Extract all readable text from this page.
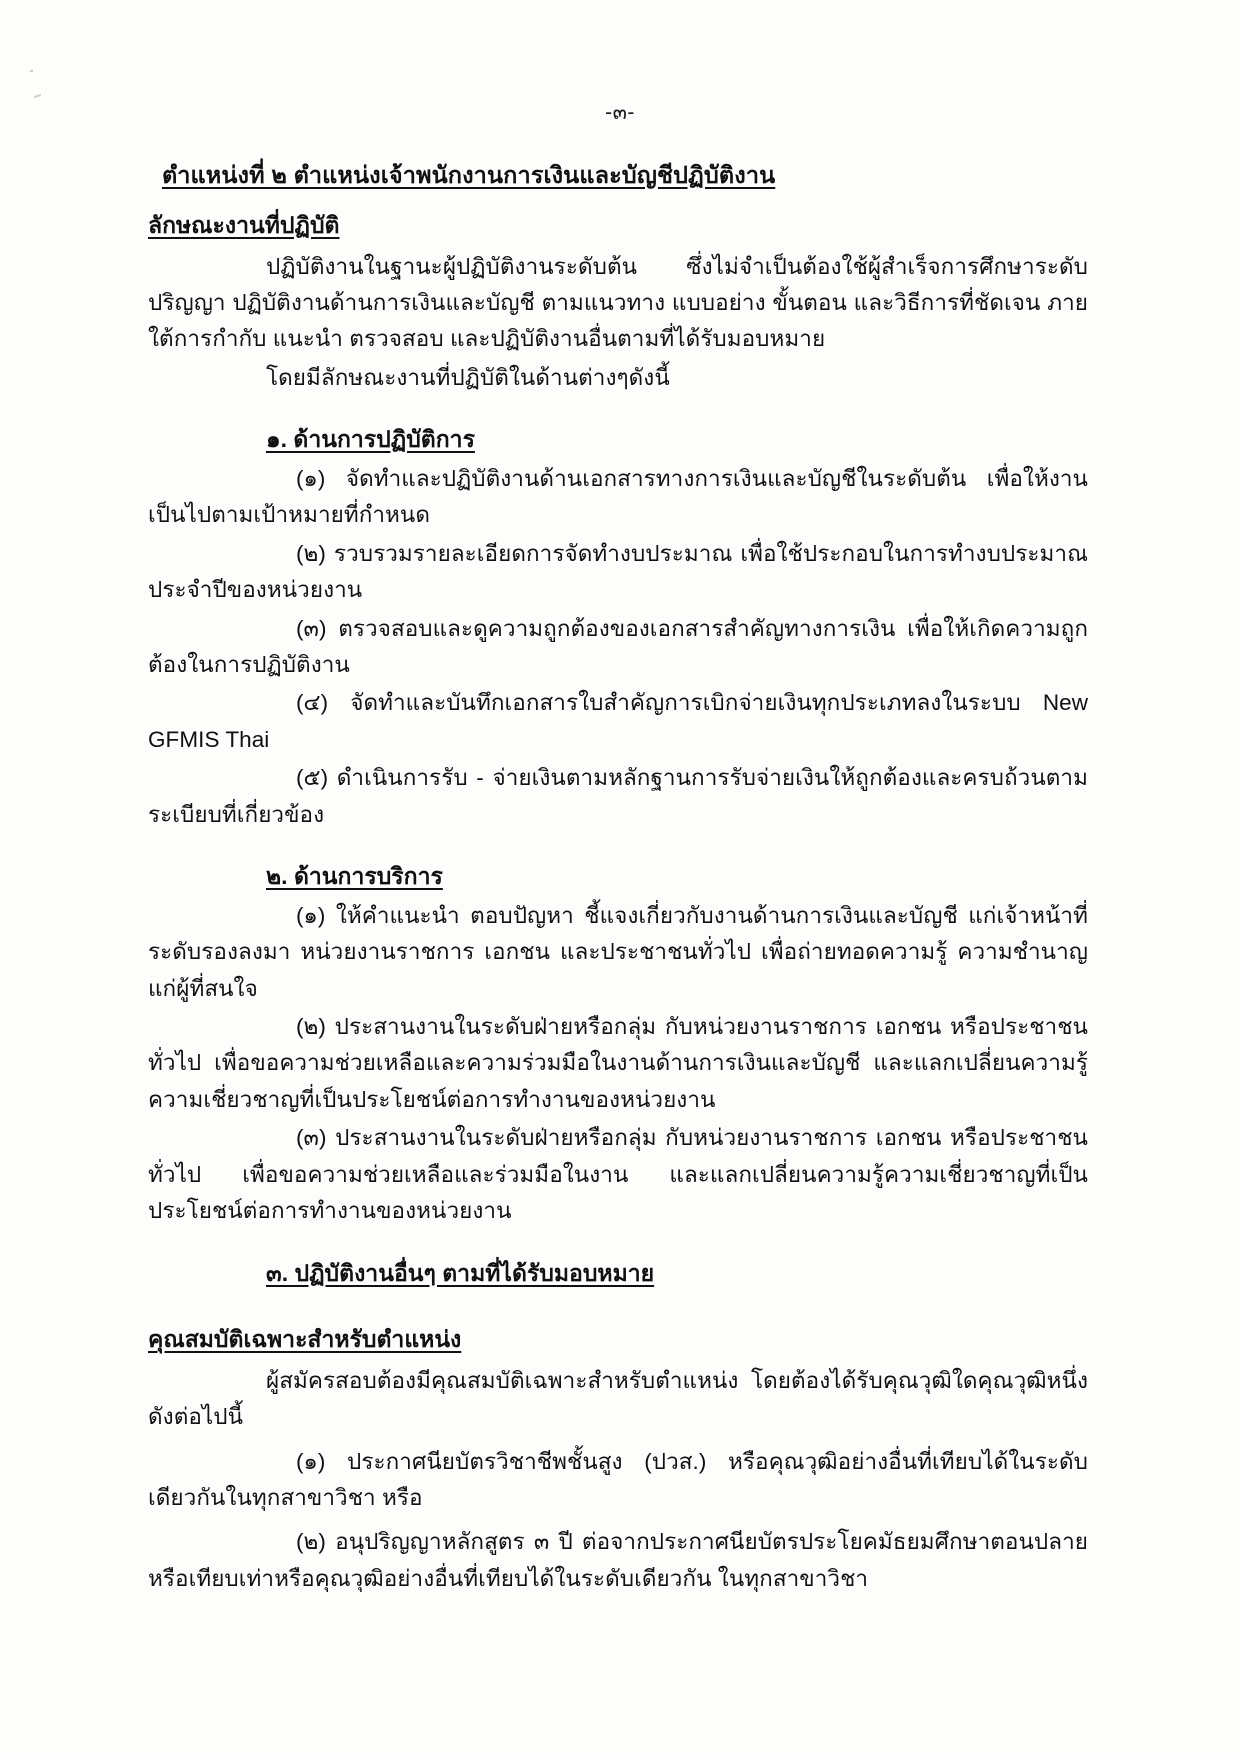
-๓-
ตำแหน่งที่ ๒ ตำแหน่งเจ้าพนักงานการเงินและบัญชีปฏิบัติงาน
ลักษณะงานที่ปฏิบัติ

ปฏิบัติงานในฐานะผู้ปฏิบัติงานระดับต้น ซึ่งไม่จำเป็นต้องใช้ผู้สำเร็จการศึกษาระดับปริญญา ปฏิบัติงานด้านการเงินและบัญชี ตามแนวทาง แบบอย่าง ขั้นตอน และวิธีการที่ชัดเจน ภายใต้การกำกับ แนะนำ ตรวจสอบ และปฏิบัติงานอื่นตามที่ได้รับมอบหมาย

โดยมีลักษณะงานที่ปฏิบัติในด้านต่างๆดังนี้

๑. ด้านการปฏิบัติการ

(๑) จัดทำและปฏิบัติงานด้านเอกสารทางการเงินและบัญชีในระดับต้น เพื่อให้งานเป็นไปตามเป้าหมายที่กำหนด

(๒) รวบรวมรายละเอียดการจัดทำงบประมาณ เพื่อใช้ประกอบในการทำงบประมาณประจำปีของหน่วยงาน

(๓) ตรวจสอบและดูความถูกต้องของเอกสารสำคัญทางการเงิน เพื่อให้เกิดความถูกต้องในการปฏิบัติงาน

(๔) จัดทำและบันทึกเอกสารใบสำคัญการเบิกจ่ายเงินทุกประเภทลงในระบบ New GFMIS Thai

(๕) ดำเนินการรับ - จ่ายเงินตามหลักฐานการรับจ่ายเงินให้ถูกต้องและครบถ้วนตามระเบียบที่เกี่ยวข้อง

๒. ด้านการบริการ

(๑) ให้คำแนะนำ ตอบปัญหา ชี้แจงเกี่ยวกับงานด้านการเงินและบัญชี แก่เจ้าหน้าที่ระดับรองลงมา หน่วยงานราชการ เอกชน และประชาชนทั่วไป เพื่อถ่ายทอดความรู้ ความชำนาญแก่ผู้ที่สนใจ

(๒) ประสานงานในระดับฝ่ายหรือกลุ่ม กับหน่วยงานราชการ เอกชน หรือประชาชนทั่วไป เพื่อขอความช่วยเหลือและความร่วมมือในงานด้านการเงินและบัญชี และแลกเปลี่ยนความรู้ความเชี่ยวชาญที่เป็นประโยชน์ต่อการทำงานของหน่วยงาน

(๓) ประสานงานในระดับฝ่ายหรือกลุ่ม กับหน่วยงานราชการ เอกชน หรือประชาชนทั่วไป เพื่อขอความช่วยเหลือและร่วมมือในงาน และแลกเปลี่ยนความรู้ความเชี่ยวชาญที่เป็นประโยชน์ต่อการทำงานของหน่วยงาน

๓. ปฏิบัติงานอื่นๆ ตามที่ได้รับมอบหมาย
คุณสมบัติเฉพาะสำหรับตำแหน่ง

ผู้สมัครสอบต้องมีคุณสมบัติเฉพาะสำหรับตำแหน่ง โดยต้องได้รับคุณวุฒิใดคุณวุฒิหนึ่ง ดังต่อไปนี้

(๑) ประกาศนียบัตรวิชาชีพชั้นสูง (ปวส.) หรือคุณวุฒิอย่างอื่นที่เทียบได้ในระดับเดียวกันในทุกสาขาวิชา หรือ

(๒) อนุปริญญาหลักสูตร ๓ ปี ต่อจากประกาศนียบัตรประโยคมัธยมศึกษาตอนปลายหรือเทียบเท่าหรือคุณวุฒิอย่างอื่นที่เทียบได้ในระดับเดียวกัน ในทุกสาขาวิชา
